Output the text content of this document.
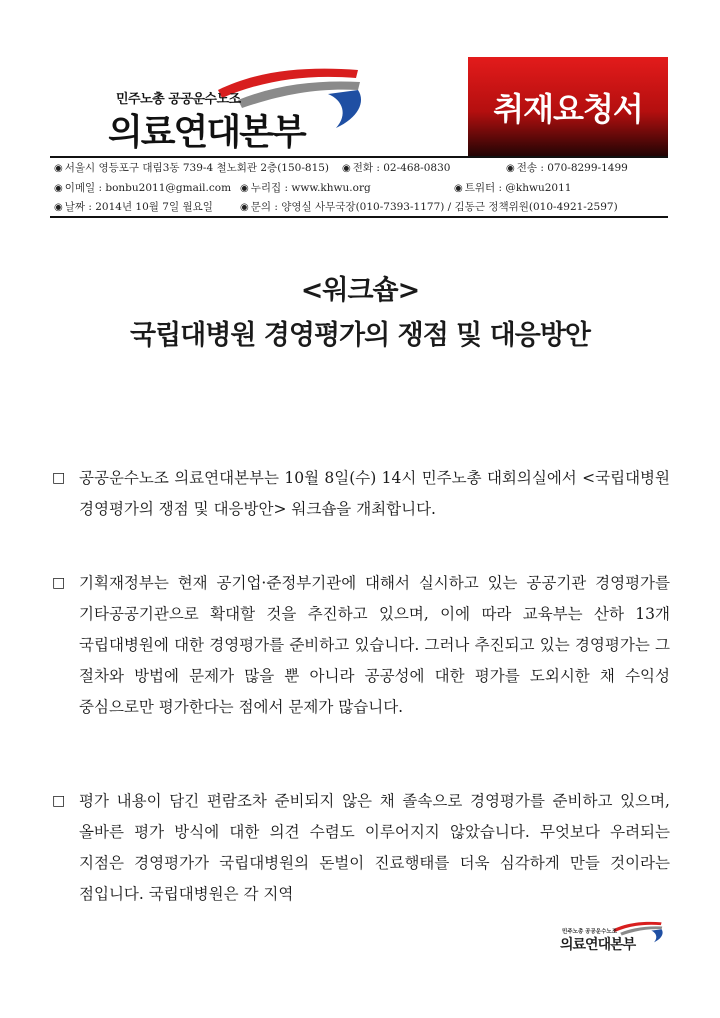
민주노총 공공운수노조
의료연대본부
취재요청서
◉ 서울시 영등포구 대림3동 739-4 철노회관 2층(150-815) ◉ 전화 : 02-468-0830	◉ 전송 : 070-8299-1499
◉ 이메일 : bonbu2011@gmail.com ◉ 누리집 : www.khwu.org	◉ 트위터 : @khwu2011
◉ 날짜 : 2014년 10월 7일 월요일	◉ 문의 : 양영실 사무국장(010-7393-1177) / 김동근 정책위원(010-4921-2597)
<워크숍>
국립대병원 경영평가의 쟁점 및 대응방안
□ 공공운수노조 의료연대본부는 10월 8일(수) 14시 민주노총 대회의실에서 <국립대병원 경영평가의 쟁점 및 대응방안> 워크숍을 개최합니다.
□ 기획재정부는 현재 공기업·준정부기관에 대해서 실시하고 있는 공공기관 경영평가를 기타공공기관으로 확대할 것을 추진하고 있으며, 이에 따라 교육부는 산하 13개 국립대병원에 대한 경영평가를 준비하고 있습니다. 그러나 추진되고 있는 경영평가는 그 절차와 방법에 문제가 많을 뿐 아니라 공공성에 대한 평가를 도외시한 채 수익성 중심으로만 평가한다는 점에서 문제가 많습니다.
□ 평가 내용이 담긴 편람조차 준비되지 않은 채 졸속으로 경영평가를 준비하고 있으며, 올바른 평가 방식에 대한 의견 수렴도 이루어지지 않았습니다. 무엇보다 우려되는 지점은 경영평가가 국립대병원의 돈벌이 진료행태를 더욱 심각하게 만들 것이라는 점입니다. 국립대병원은 각 지역
민주노총 공공운수노조
의료연대본부
